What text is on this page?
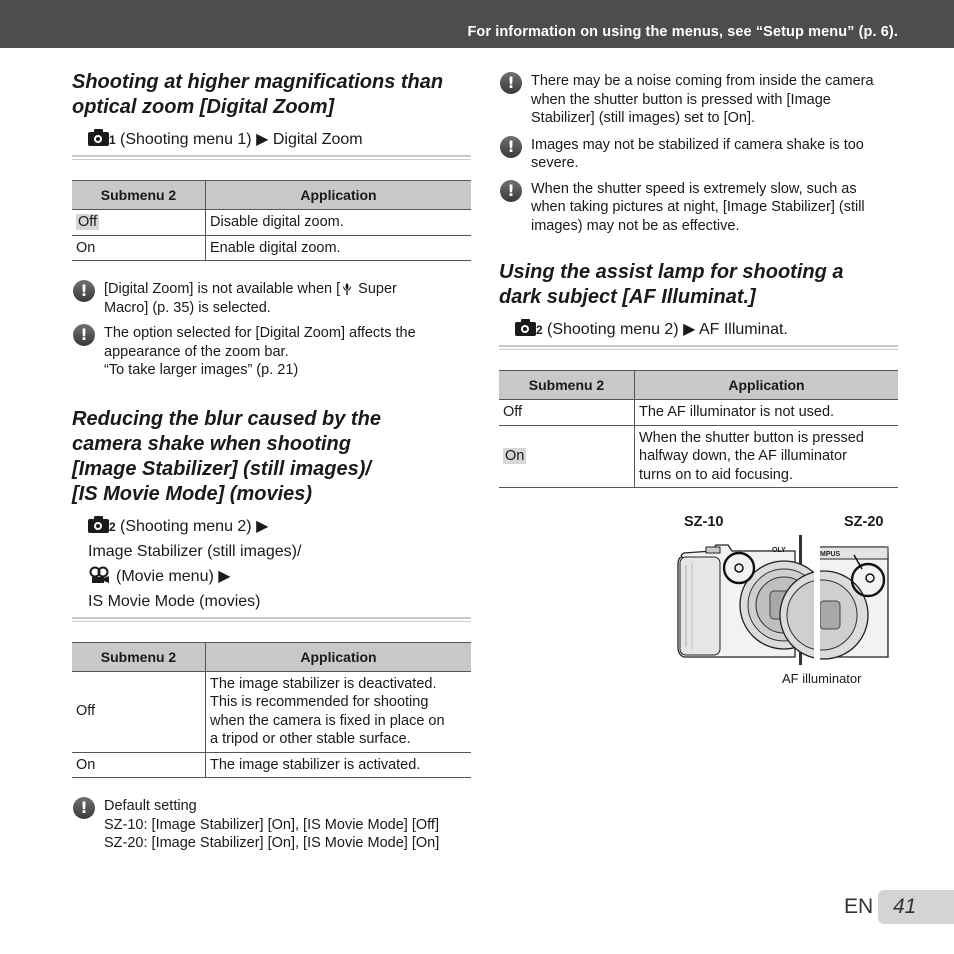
For information on using the menus, see “Setup menu” (p. 6).
Shooting at higher magnifications than
optical zoom [Digital Zoom]
1 (Shooting menu 1) ▶ Digital Zoom
Submenu 2	Application
Off	Disable digital zoom.
On	Enable digital zoom.
!	[Digital Zoom] is not available when [ Super
Macro] (p. 35) is selected.
!	The option selected for [Digital Zoom] affects the
appearance of the zoom bar.
“To take larger images” (p. 21)
Reducing the blur caused by the
camera shake when shooting
[Image Stabilizer] (still images)/
[IS Movie Mode] (movies)
2 (Shooting menu 2) ▶
Image Stabilizer (still images)/
(Movie menu) ▶
IS Movie Mode (movies)
Submenu 2	Application
Off	The image stabilizer is deactivated.
This is recommended for shooting
when the camera is fixed in place on
a tripod or other stable surface.
On	The image stabilizer is activated.
!	Default setting
SZ-10: [Image Stabilizer] [On], [IS Movie Mode] [Off]
SZ-20: [Image Stabilizer] [On], [IS Movie Mode] [On]
!	There may be a noise coming from inside the camera
when the shutter button is pressed with [Image
Stabilizer] (still images) set to [On].
!	Images may not be stabilized if camera shake is too
severe.
!	When the shutter speed is extremely slow, such as
when taking pictures at night, [Image Stabilizer] (still
images) may not be as effective.
Using the assist lamp for shooting a
dark subject [AF Illuminat.]
2 (Shooting menu 2) ▶ AF Illuminat.
Submenu 2	Application
Off	The AF illuminator is not used.
On	When the shutter button is pressed
halfway down, the AF illuminator
turns on to aid focusing.
SZ-10	SZ-20
OLY
MPUS
AF illuminator
EN 41
